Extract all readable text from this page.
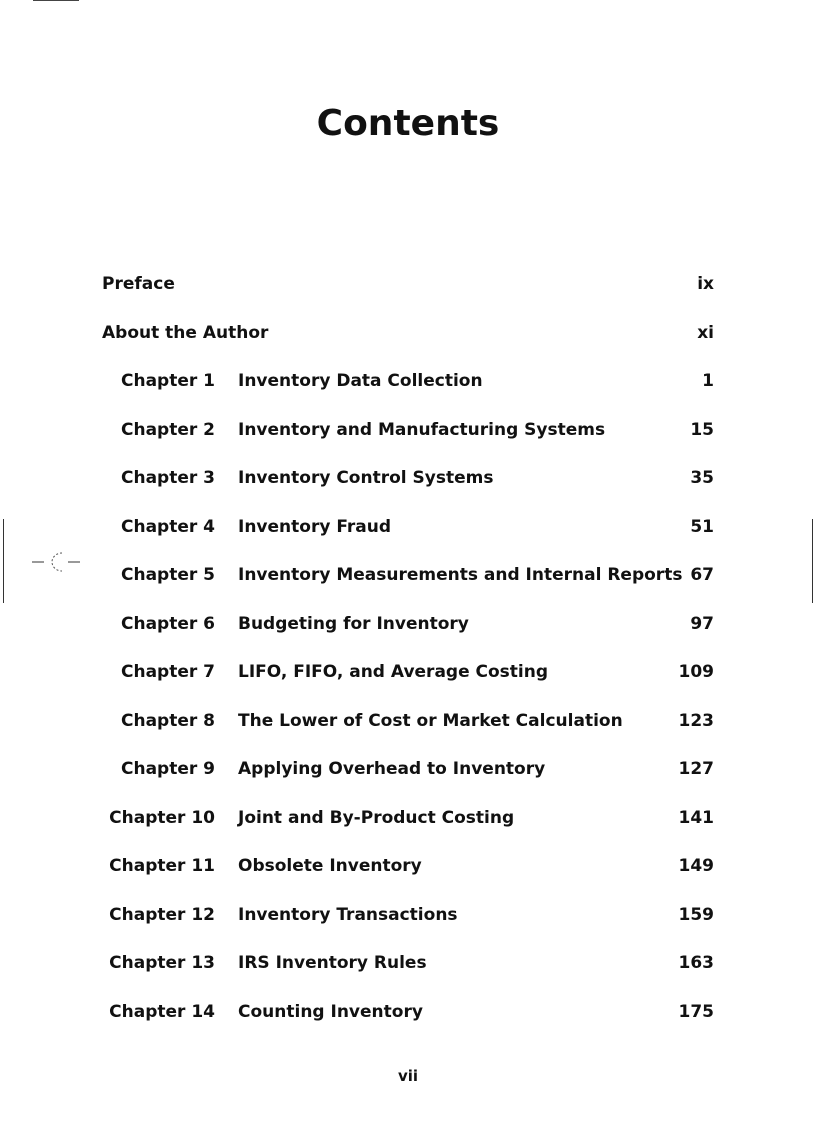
Contents
Preface	ix
About the Author	xi
Chapter 1 Inventory Data Collection	1
Chapter 2 Inventory and Manufacturing Systems	15
Chapter 3 Inventory Control Systems	35
Chapter 4 Inventory Fraud	51
Chapter 5 Inventory Measurements and Internal Reports 67
Chapter 6 Budgeting for Inventory	97
Chapter 7 LIFO, FIFO, and Average Costing	109
Chapter 8 The Lower of Cost or Market Calculation	123
Chapter 9 Applying Overhead to Inventory	127
Chapter 10 Joint and By-Product Costing	141
Chapter 11 Obsolete Inventory	149
Chapter 12 Inventory Transactions	159
Chapter 13 IRS Inventory Rules	163
Chapter 14 Counting Inventory	175
vii
